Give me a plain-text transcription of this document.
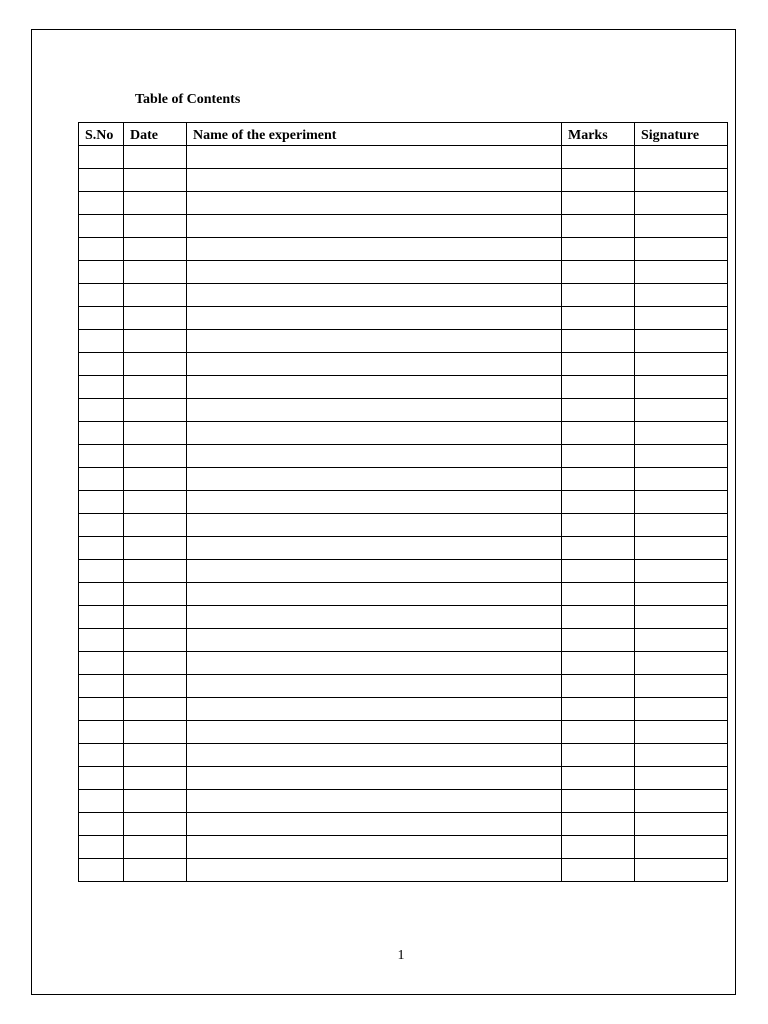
Table of Contents
S.No	Date	Name of the experiment	Marks	Signature

1
